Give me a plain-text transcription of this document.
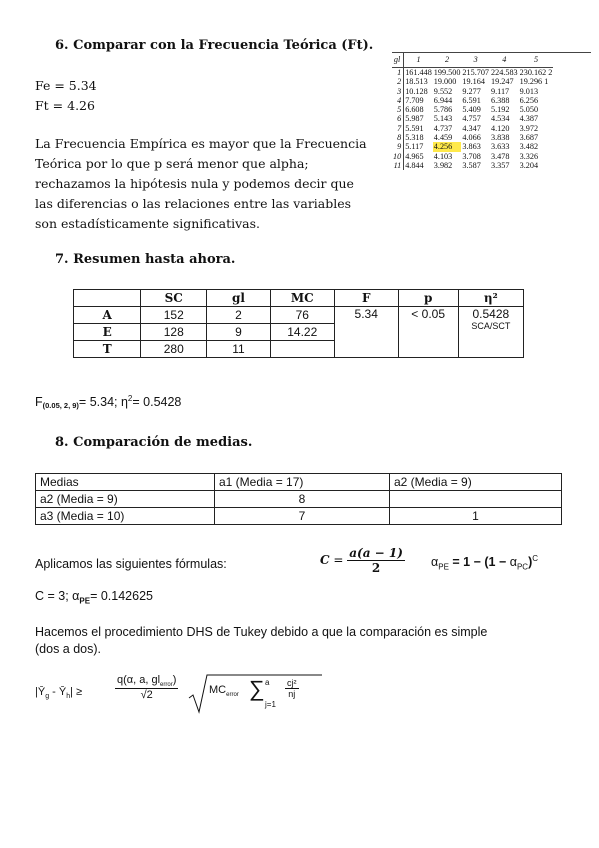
6. Comparar con la Frecuencia Teórica (Ft).
Fe = 5.34
Ft = 4.26
La Frecuencia Empírica es mayor que la Frecuencia
Teórica por lo que p será menor que alpha;
rechazamos la hipótesis nula y podemos decir que
las diferencias o las relaciones entre las variables
son estadísticamente significativas.
gl	1	2	3	4	5
1	161.448	199.500	215.707	224.583	230.162 2
2	18.513	19.000	19.164	19.247	19.296 1
3	10.128	9.552	9.277	9.117	9.013
4	7.709	6.944	6.591	6.388	6.256
5	6.608	5.786	5.409	5.192	5.050
6	5.987	5.143	4.757	4.534	4.387
7	5.591	4.737	4.347	4.120	3.972
8	5.318	4.459	4.066	3.838	3.687
9	5.117	4.256	3.863	3.633	3.482
10	4.965	4.103	3.708	3.478	3.326
11	4.844	3.982	3.587	3.357	3.204
7. Resumen hasta ahora.
	SC	gl	MC	F	p	η²
A	152	2	76	5.34	< 0.05	0.5428
SCA/SCT

E	128	9	14.22			
T	280	11				
F(0.05, 2, 9)= 5.34; $\eta^2= 0.5428$
8. Comparación de medias.
Medias	a1 (Media = 17)	a2 (Media = 9)
a2 (Media = 9)	8	
a3 (Media = 10)	7	1
Aplicamos las siguientes fórmulas:	$C = \frac{a(a - 1)}{2} \alpha_{PE} = 1 - (1 - \alpha_{PC})^C$
C = 3; $\alpha_{PE}= 0.142625$
Hacemos el procedimiento DHS de Tukey debido a que la comparación es simple
(dos a dos).
$|Ȳ_g$ - $Ȳ_h|$ ≥
q(α, a, $gl_{error}$)
√2	$MC_{error}$ ∑ a
j=1
$\frac{\text{cj²}}{nj}$
